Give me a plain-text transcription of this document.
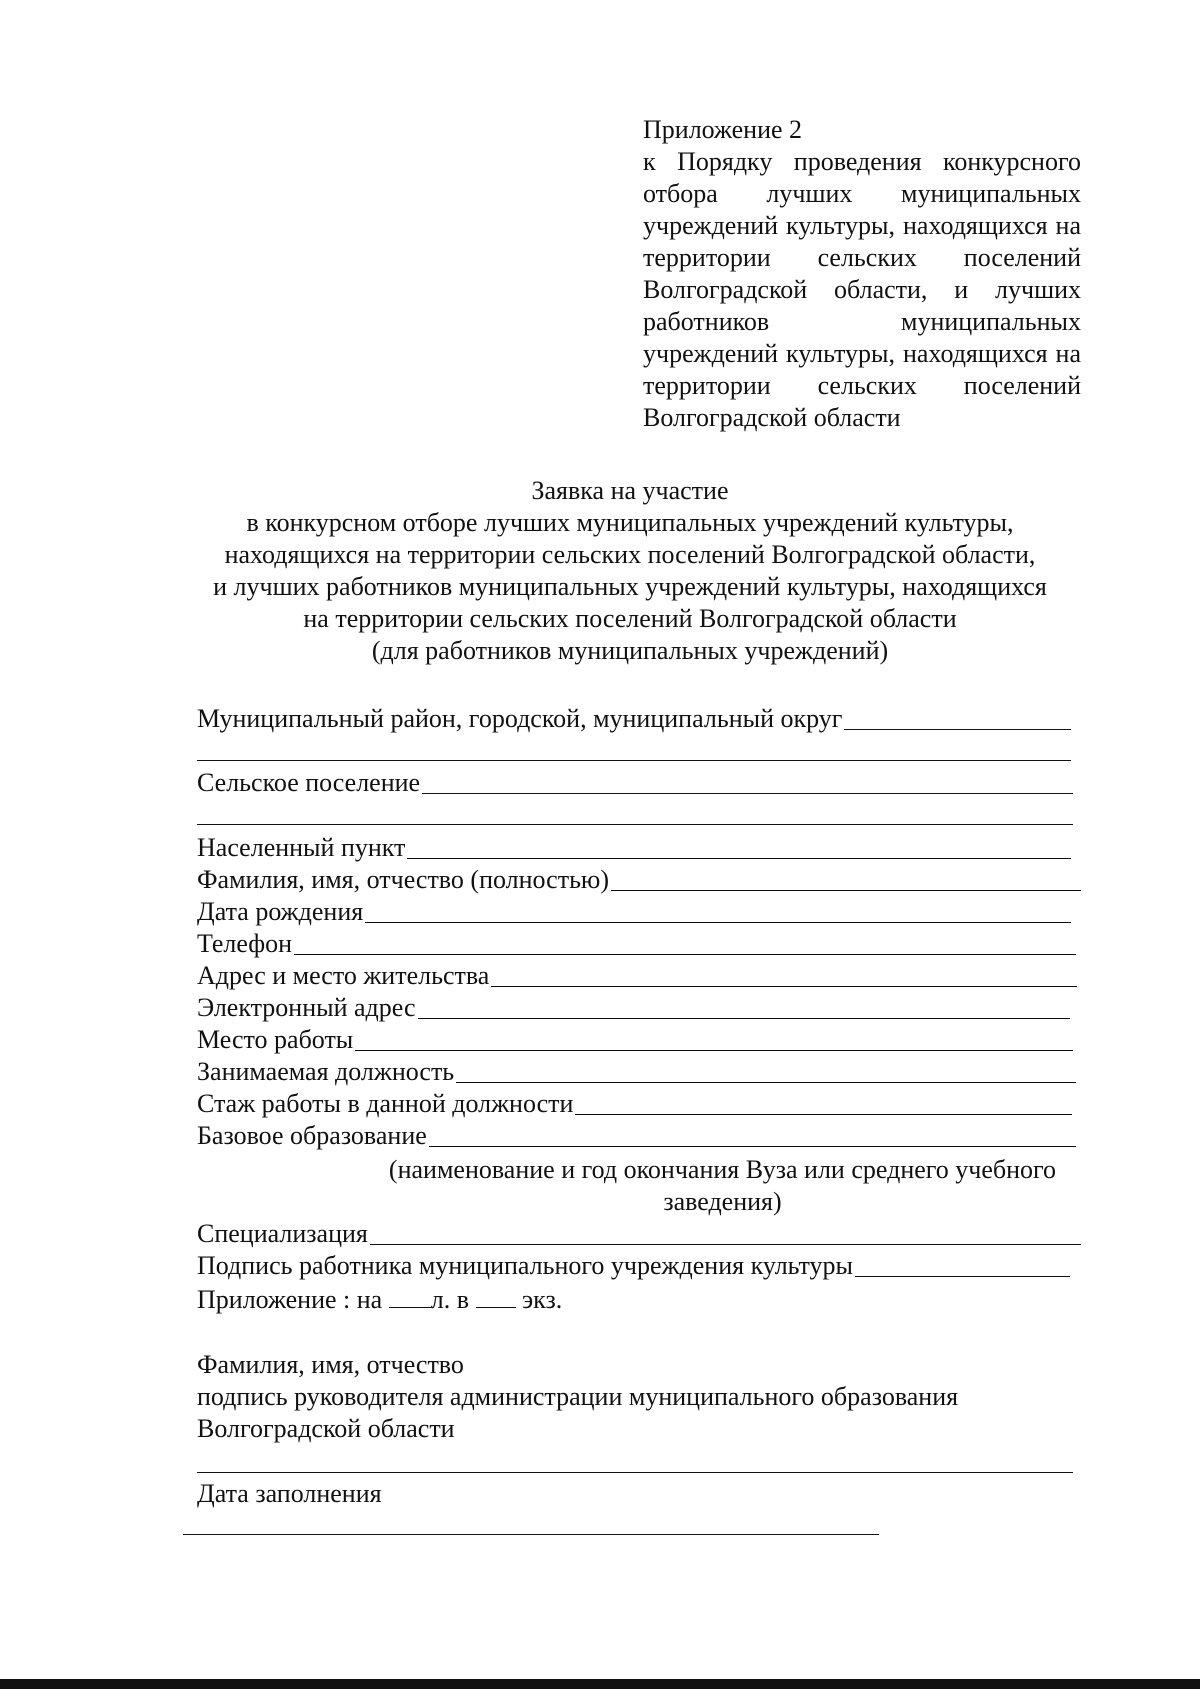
Приложение 2
к Порядку проведения конкурсного отбора лучших муниципальных учреждений культуры, находящихся на территории сельских поселений Волгоградской области, и лучших работников муниципальных учреждений культуры, находящихся на территории сельских поселений Волгоградской области
Заявка на участие
в конкурсном отборе лучших муниципальных учреждений культуры,
находящихся на территории сельских поселений Волгоградской области,
и лучших работников муниципальных учреждений культуры, находящихся
на территории сельских поселений Волгоградской области
(для работников муниципальных учреждений)
Муниципальный район, городской, муниципальный округ
Сельское поселение
Населенный пункт
Фамилия, имя, отчество (полностью)
Дата рождения
Телефон
Адрес и место жительства
Электронный адрес
Место работы
Занимаемая должность
Стаж работы в данной должности
Базовое образование
(наименование и год окончания Вуза или среднего учебного заведения)
Специализация
Подпись работника муниципального учреждения культуры
Приложение : на л. в  экз.
Фамилия, имя, отчество
подпись руководителя администрации муниципального образования
Волгоградской области
Дата заполнения
